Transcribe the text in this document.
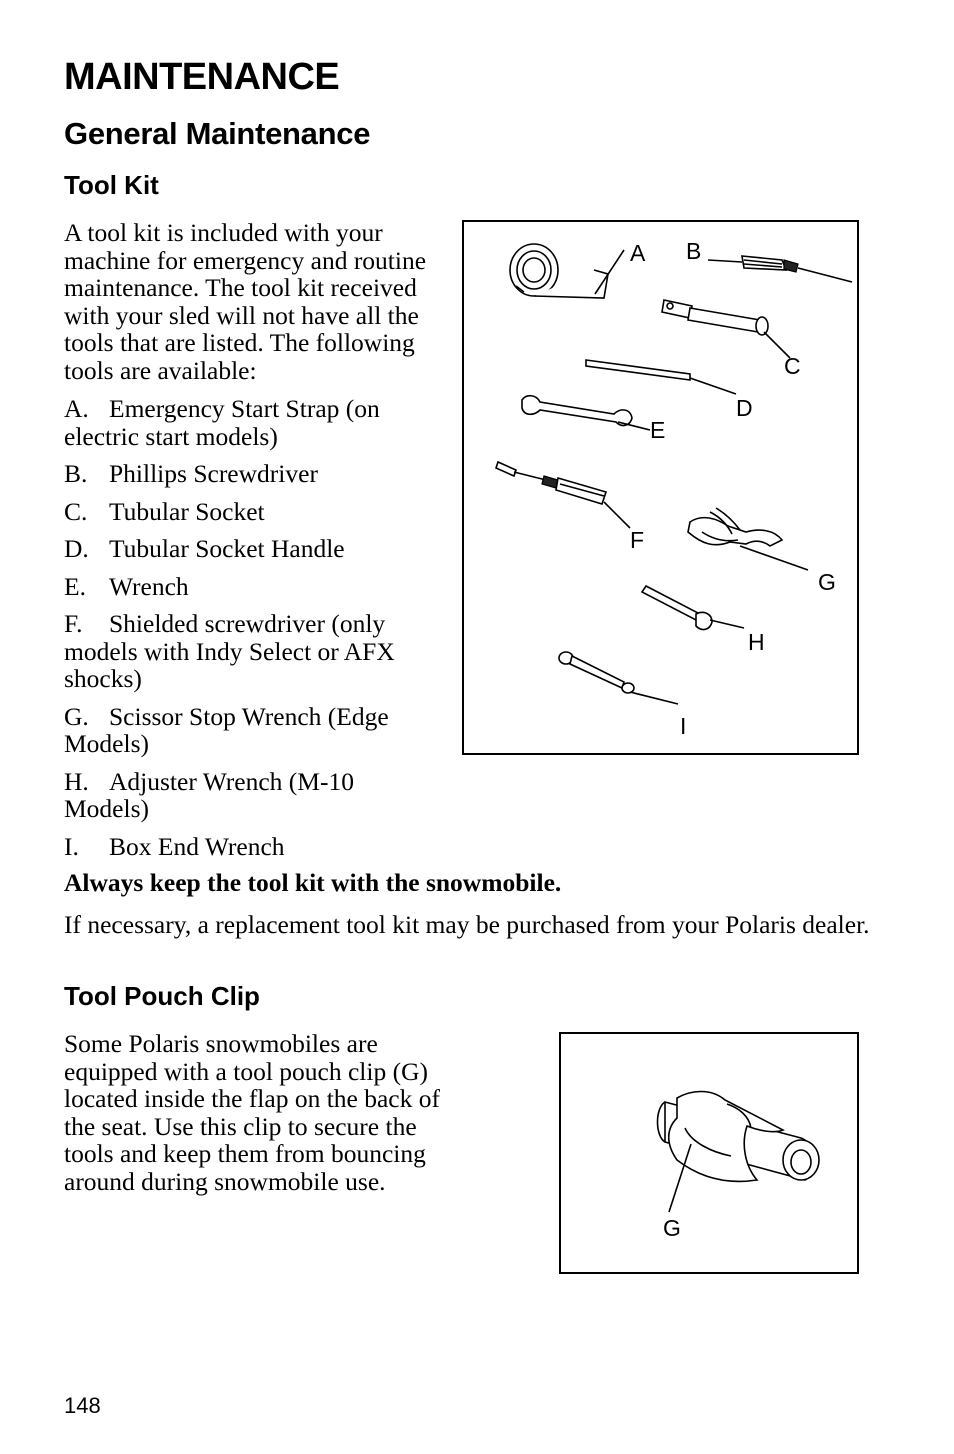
MAINTENANCE
General Maintenance
Tool Kit

A tool kit is included with your machine for emergency and routine maintenance. The tool kit received with your sled will not have all the tools that are listed. The following tools are available:

A. Emergency Start Strap (on electric start models)
B. Phillips Screwdriver
C. Tubular Socket
D. Tubular Socket Handle
E. Wrench
F. Shielded screwdriver (only models with Indy Select or AFX shocks)
G. Scissor Stop Wrench (Edge Models)
H. Adjuster Wrench (M-10 Models)
I. Box End Wrench

Always keep the tool kit with the snowmobile.

If necessary, a replacement tool kit may be purchased from your Polaris dealer.

A B
C
D
E
F
G
H
I
Tool Pouch Clip

Some Polaris snowmobiles are equipped with a tool pouch clip (G) located inside the flap on the back of the seat. Use this clip to secure the tools and keep them from bouncing around during snowmobile use.

G
148
